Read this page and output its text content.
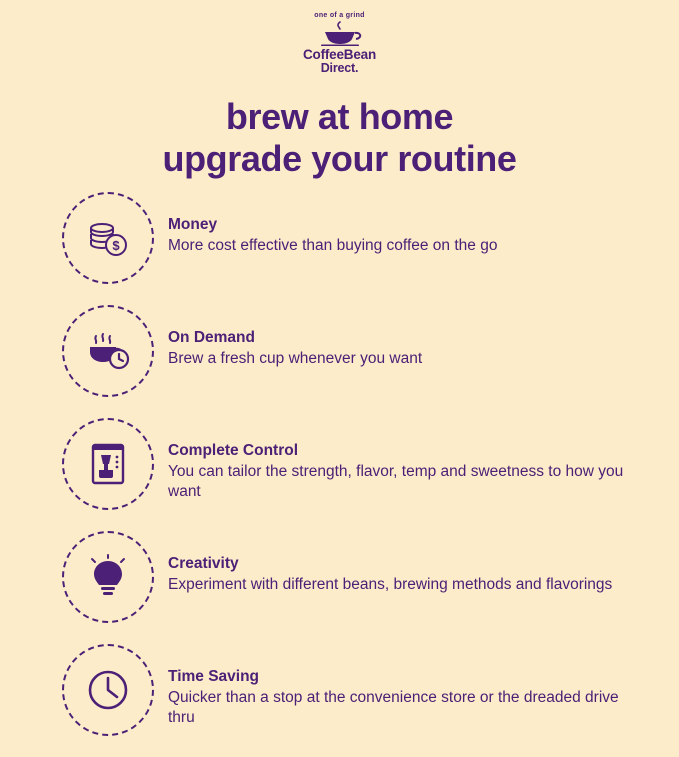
one of a grind
CoffeeBean
Direct.
brew at home
upgrade your routine
$
Money
More cost effective than buying coffee on the go
On Demand
Brew a fresh cup whenever you want
Complete Control
You can tailor the strength, flavor, temp and sweetness to how you want
Creativity
Experiment with different beans, brewing methods and flavorings
Time Saving
Quicker than a stop at the convenience store or the dreaded drive thru
